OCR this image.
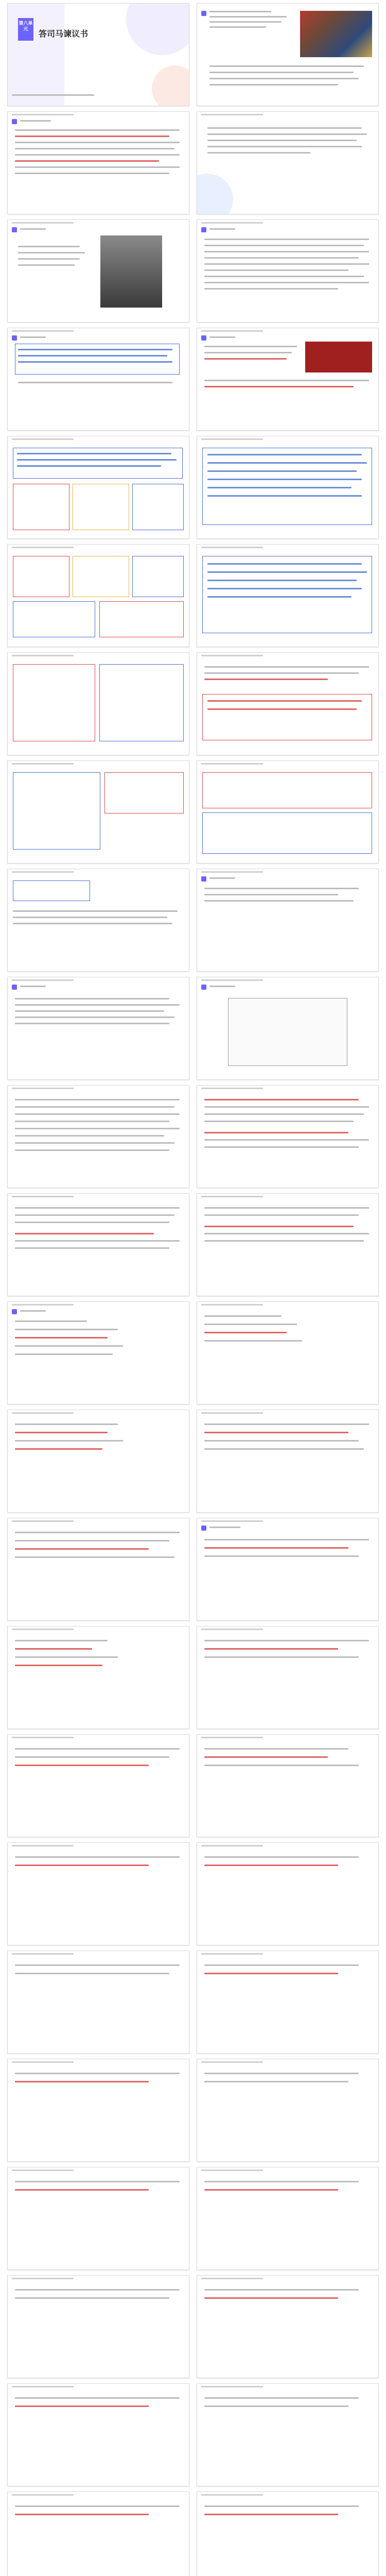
第八单元	答司马谏议书
